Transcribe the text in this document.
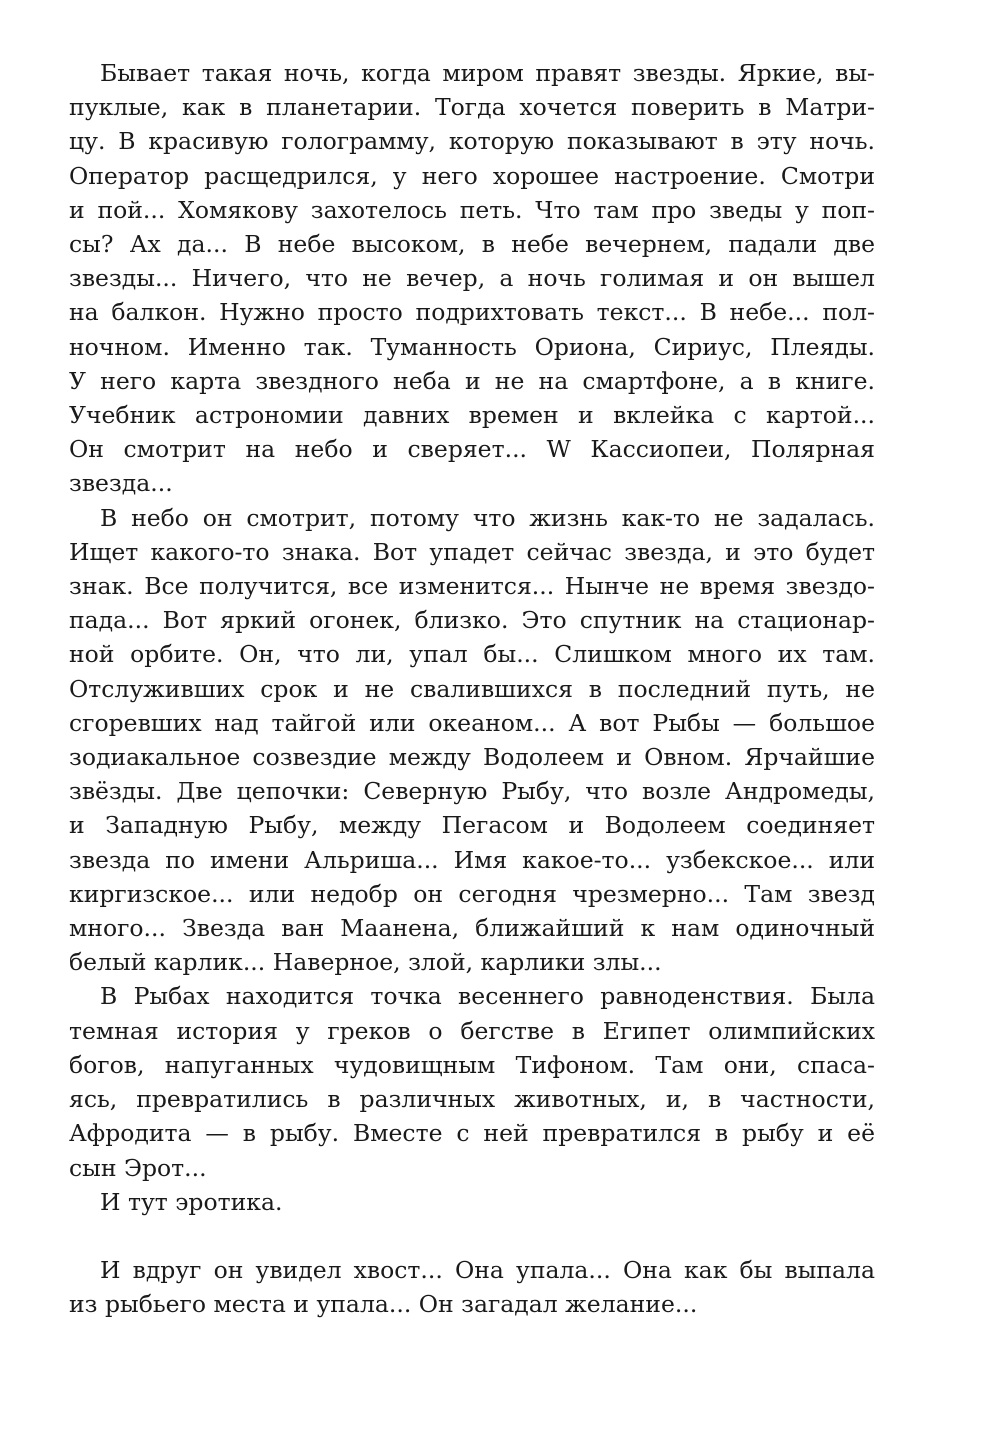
Бывает такая ночь, когда миром правят звезды. Яркие, вы-
пуклые, как в планетарии. Тогда хочется поверить в Матри-
цу. В красивую голограмму, которую показывают в эту ночь.
Оператор расщедрился, у него хорошее настроение. Смотри
и пой... Хомякову захотелось петь. Что там про зведы у поп-
сы? Ах да... В небе высоком, в небе вечернем, падали две
звезды... Ничего, что не вечер, а ночь голимая и он вышел
на балкон. Нужно просто подрихтовать текст... В небе... пол-
ночном. Именно так. Туманность Ориона, Сириус, Плеяды.
У него карта звездного неба и не на смартфоне, а в книге.
Учебник астрономии давних времен и вклейка с картой...
Он смотрит на небо и сверяет... W Кассиопеи, Полярная
звезда...

В небо он смотрит, потому что жизнь как-то не задалась.
Ищет какого-то знака. Вот упадет сейчас звезда, и это будет
знак. Все получится, все изменится... Нынче не время звездо-
пада... Вот яркий огонек, близко. Это спутник на стационар-
ной орбите. Он, что ли, упал бы... Слишком много их там.
Отслуживших срок и не свалившихся в последний путь, не
сгоревших над тайгой или океаном... А вот Рыбы — большое
зодиакальное созвездие между Водолеем и Овном. Ярчайшие
звёзды. Две цепочки: Северную Рыбу, что возле Андромеды,
и Западную Рыбу, между Пегасом и Водолеем соединяет
звезда по имени Альриша... Имя какое-то... узбекское... или
киргизское... или недобр он сегодня чрезмерно... Там звезд
много... Звезда ван Маанена, ближайший к нам одиночный
белый карлик... Наверное, злой, карлики злы...

В Рыбах находится точка весеннего равноденствия. Была
темная история у греков о бегстве в Египет олимпийских
богов, напуганных чудовищным Тифоном. Там они, спаса-
ясь, превратились в различных животных, и, в частности,
Афродита — в рыбу. Вместе с ней превратился в рыбу и её
сын Эрот...

И тут эротика.

И вдруг он увидел хвост... Она упала... Она как бы выпала
из рыбьего места и упала... Он загадал желание...
